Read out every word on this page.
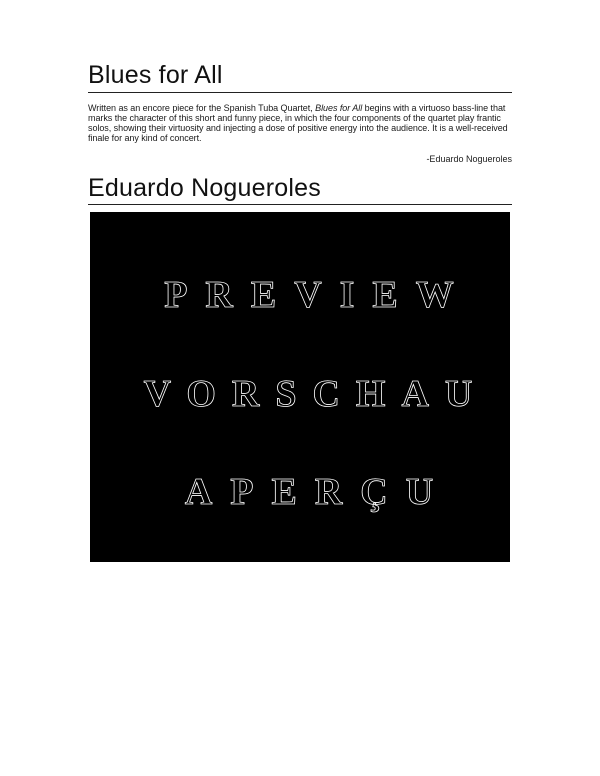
Blues for All

Written as an encore piece for the Spanish Tuba Quartet, Blues for All begins with a virtuoso bass-line that marks the character of this short and funny piece, in which the four components of the quartet play frantic solos, showing their virtuosity and injecting a dose of positive energy into the audience. It is a well-received finale for any kind of concert.

-Eduardo Nogueroles
Eduardo Nogueroles
PREVIEW
VORSCHAU
APERÇU
